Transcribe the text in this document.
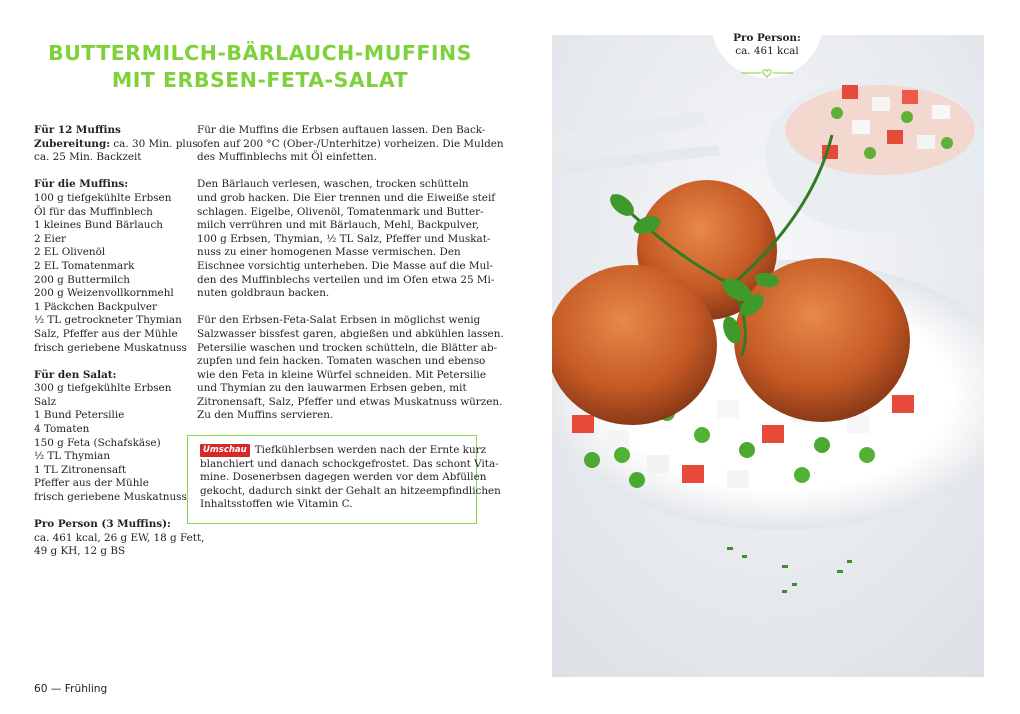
BUTTERMILCH-BÄRLAUCH-MUFFINS
MIT ERBSEN-FETA-SALAT
Für 12 Muffins
Zubereitung: ca. 30 Min. plus
ca. 25 Min. Backzeit
Für die Muffins:
100 g tiefgekühlte Erbsen
Öl für das Muffinblech
1 kleines Bund Bärlauch
2 Eier
2 EL Olivenöl
2 EL Tomatenmark
200 g Buttermilch
200 g Weizenvollkornmehl
1 Päckchen Backpulver
½ TL getrockneter Thymian
Salz, Pfeffer aus der Mühle
frisch geriebene Muskatnuss
Für den Salat:
300 g tiefgekühlte Erbsen
Salz
1 Bund Petersilie
4 Tomaten
150 g Feta (Schafskäse)
½ TL Thymian
1 TL Zitronensaft
Pfeffer aus der Mühle
frisch geriebene Muskatnuss
Pro Person (3 Muffins):
ca. 461 kcal, 26 g EW, 18 g Fett,
49 g KH, 12 g BS
Für die Muffins die Erbsen auftauen lassen. Den Back-
ofen auf 200 °C (Ober-/Unterhitze) vorheizen. Die Mulden
des Muffinblechs mit Öl einfetten.
Den Bärlauch verlesen, waschen, trocken schütteln
und grob hacken. Die Eier trennen und die Eiweiße steif
schlagen. Eigelbe, Olivenöl, Tomatenmark und Butter-
milch verrühren und mit Bärlauch, Mehl, Backpulver,
100 g Erbsen, Thymian, ½ TL Salz, Pfeffer und Muskat-
nuss zu einer homogenen Masse vermischen. Den
Eischnee vorsichtig unterheben. Die Masse auf die Mul-
den des Muffinblechs verteilen und im Ofen etwa 25 Mi-
nuten goldbraun backen.
Für den Erbsen-Feta-Salat Erbsen in möglichst wenig
Salzwasser bissfest garen, abgießen und abkühlen lassen.
Petersilie waschen und trocken schütteln, die Blätter ab-
zupfen und fein hacken. Tomaten waschen und ebenso
wie den Feta in kleine Würfel schneiden. Mit Petersilie
und Thymian zu den lauwarmen Erbsen geben, mit
Zitronensaft, Salz, Pfeffer und etwas Muskatnuss würzen.
Zu den Muffins servieren.
Umschau Tiefkühlerbsen werden nach der Ernte kurz
blanchiert und danach schockgefrostet. Das schont Vita-
mine. Dosenerbsen dagegen werden vor dem Abfüllen
gekocht, dadurch sinkt der Gehalt an hitzeempfindlichen
Inhaltsstoffen wie Vitamin C.
60 — Frühling
Pro Person:
ca. 461 kcal
